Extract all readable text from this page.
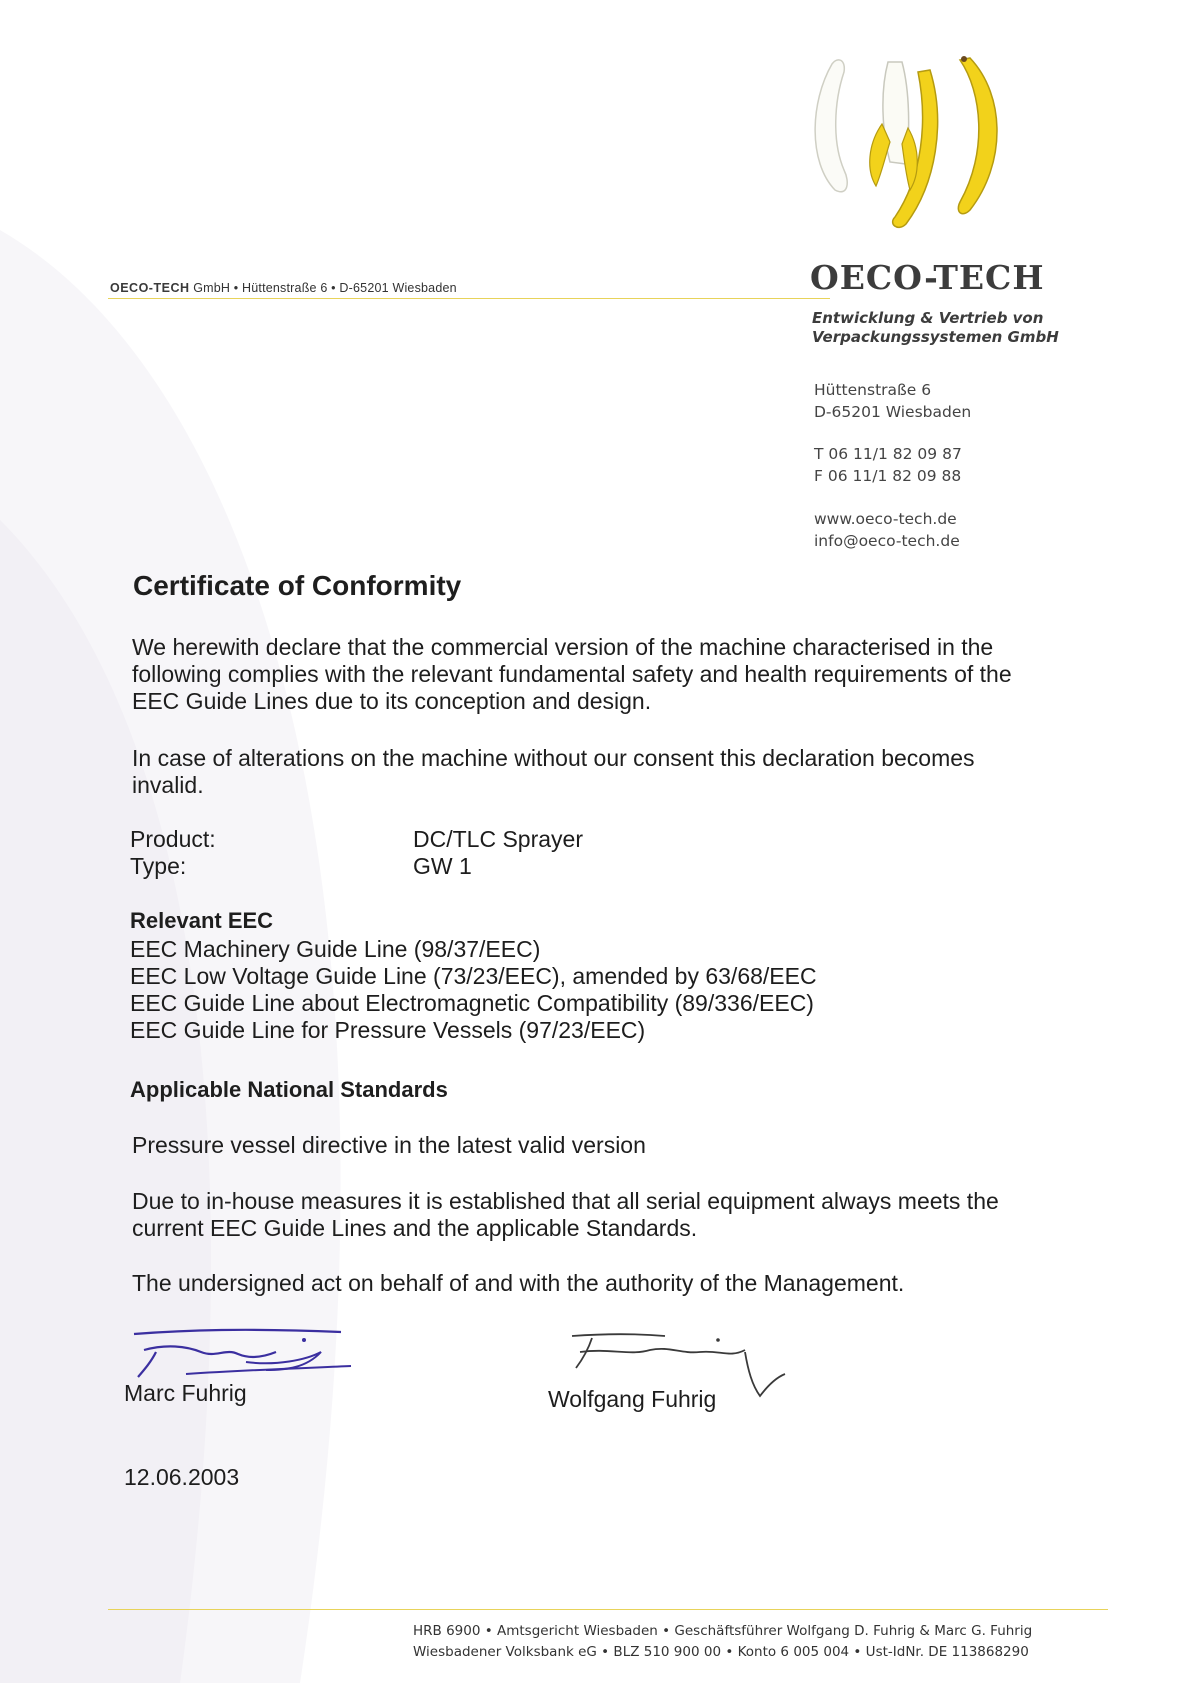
OECO-TECH GmbH • Hüttenstraße 6 • D-65201 Wiesbaden	OECO-TECH
Entwicklung & Vertrieb von
Verpackungssystemen GmbH
Hüttenstraße 6
D-65201 Wiesbaden
T 06 11/1 82 09 87
F 06 11/1 82 09 88
www.oeco-tech.de
info@oeco-tech.de
Certificate of Conformity
We herewith declare that the commercial version of the machine characterised in the following complies with the relevant fundamental safety and health requirements of the EEC Guide Lines due to its conception and design.
In case of alterations on the machine without our consent this declaration becomes invalid.
Product:	DC/TLC Sprayer
Type:	GW 1
Relevant EEC
EEC Machinery Guide Line (98/37/EEC)
EEC Low Voltage Guide Line (73/23/EEC), amended by 63/68/EEC
EEC Guide Line about Electromagnetic Compatibility (89/336/EEC)
EEC Guide Line for Pressure Vessels (97/23/EEC)
Applicable National Standards
Pressure vessel directive in the latest valid version
Due to in-house measures it is established that all serial equipment always meets the current EEC Guide Lines and the applicable Standards.
The undersigned act on behalf of and with the authority of the Management.
Marc Fuhrig	Wolfgang Fuhrig
12.06.2003
HRB 6900 • Amtsgericht Wiesbaden • Geschäftsführer Wolfgang D. Fuhrig & Marc G. Fuhrig
Wiesbadener Volksbank eG • BLZ 510 900 00 • Konto 6 005 004 • Ust-IdNr. DE 113868290
